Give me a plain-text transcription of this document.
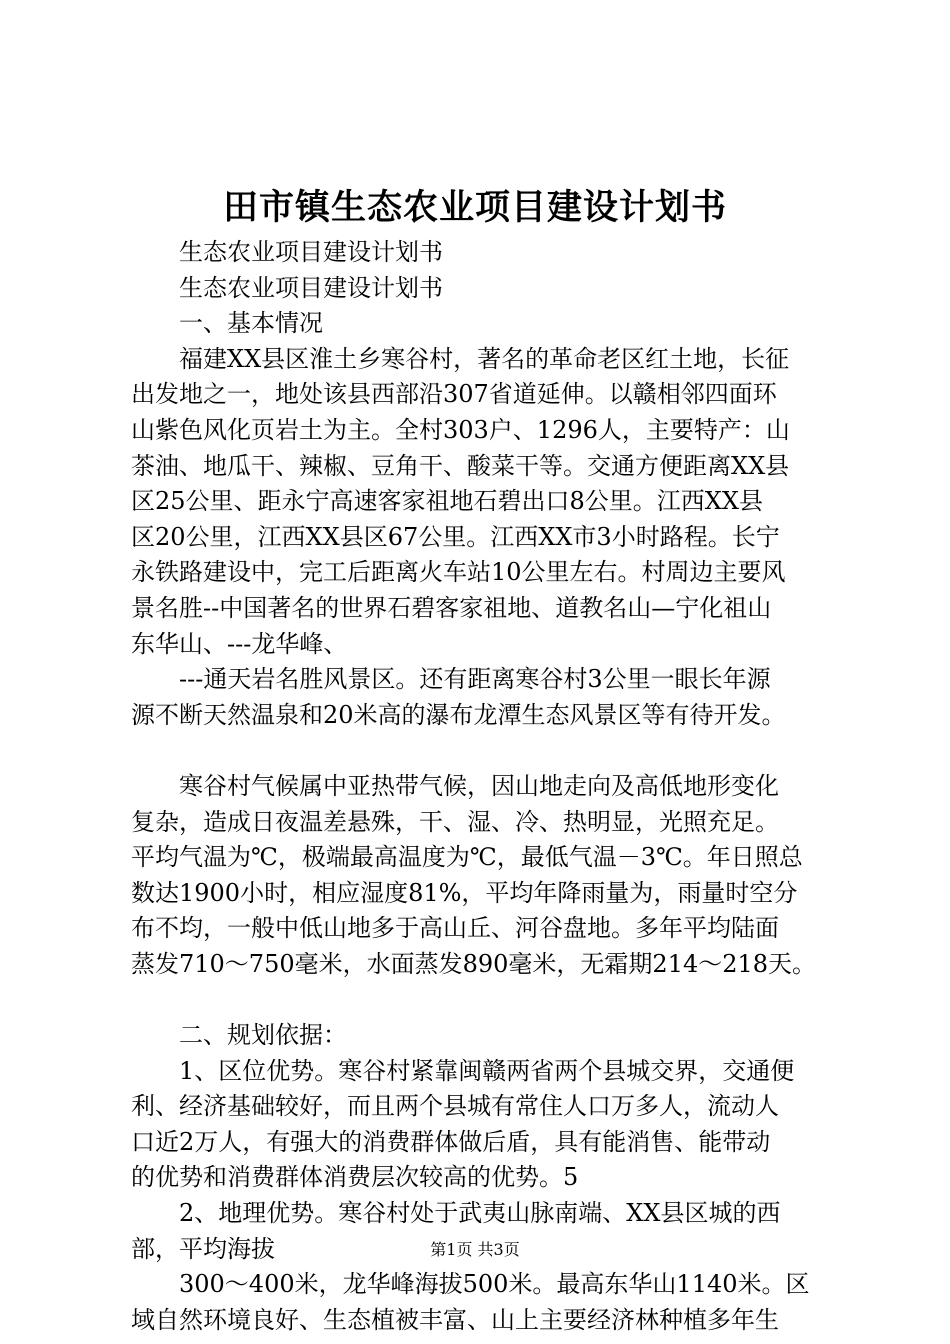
田市镇生态农业项目建设计划书
生态农业项目建设计划书
生态农业项目建设计划书
一、基本情况
福建XX县区淮土乡寒谷村，著名的革命老区红土地，长征
出发地之一，地处该县西部沿307省道延伸。以赣相邻四面环
山紫色风化页岩土为主。全村303户、1296人，主要特产：山
茶油、地瓜干、辣椒、豆角干、酸菜干等。交通方便距离XX县
区25公里、距永宁高速客家祖地石碧出口8公里。江西XX县
区20公里，江西XX县区67公里。江西XX市3小时路程。长宁
永铁路建设中，完工后距离火车站10公里左右。村周边主要风
景名胜--中国著名的世界石碧客家祖地、道教名山—宁化祖山
东华山、---龙华峰、
---通天岩名胜风景区。还有距离寒谷村3公里一眼长年源
源不断天然温泉和20米高的瀑布龙潭生态风景区等有待开发。
寒谷村气候属中亚热带气候，因山地走向及高低地形变化
复杂，造成日夜温差悬殊，干、湿、冷、热明显，光照充足。
平均气温为℃，极端最高温度为℃，最低气温－3℃。年日照总
数达1900小时，相应湿度81%，平均年降雨量为，雨量时空分
布不均，一般中低山地多于高山丘、河谷盘地。多年平均陆面
蒸发710～750毫米，水面蒸发890毫米，无霜期214～218天。
二、规划依据：
1、区位优势。寒谷村紧靠闽赣两省两个县城交界，交通便
利、经济基础较好，而且两个县城有常住人口万多人，流动人
口近2万人，有强大的消费群体做后盾，具有能消售、能带动
的优势和消费群体消费层次较高的优势。5
2、地理优势。寒谷村处于武夷山脉南端、XX县区城的西
部，平均海拔
300～400米，龙华峰海拔500米。最高东华山1140米。区
域自然环境良好、生态植被丰富、山上主要经济林种植多年生
第1页 共3页
